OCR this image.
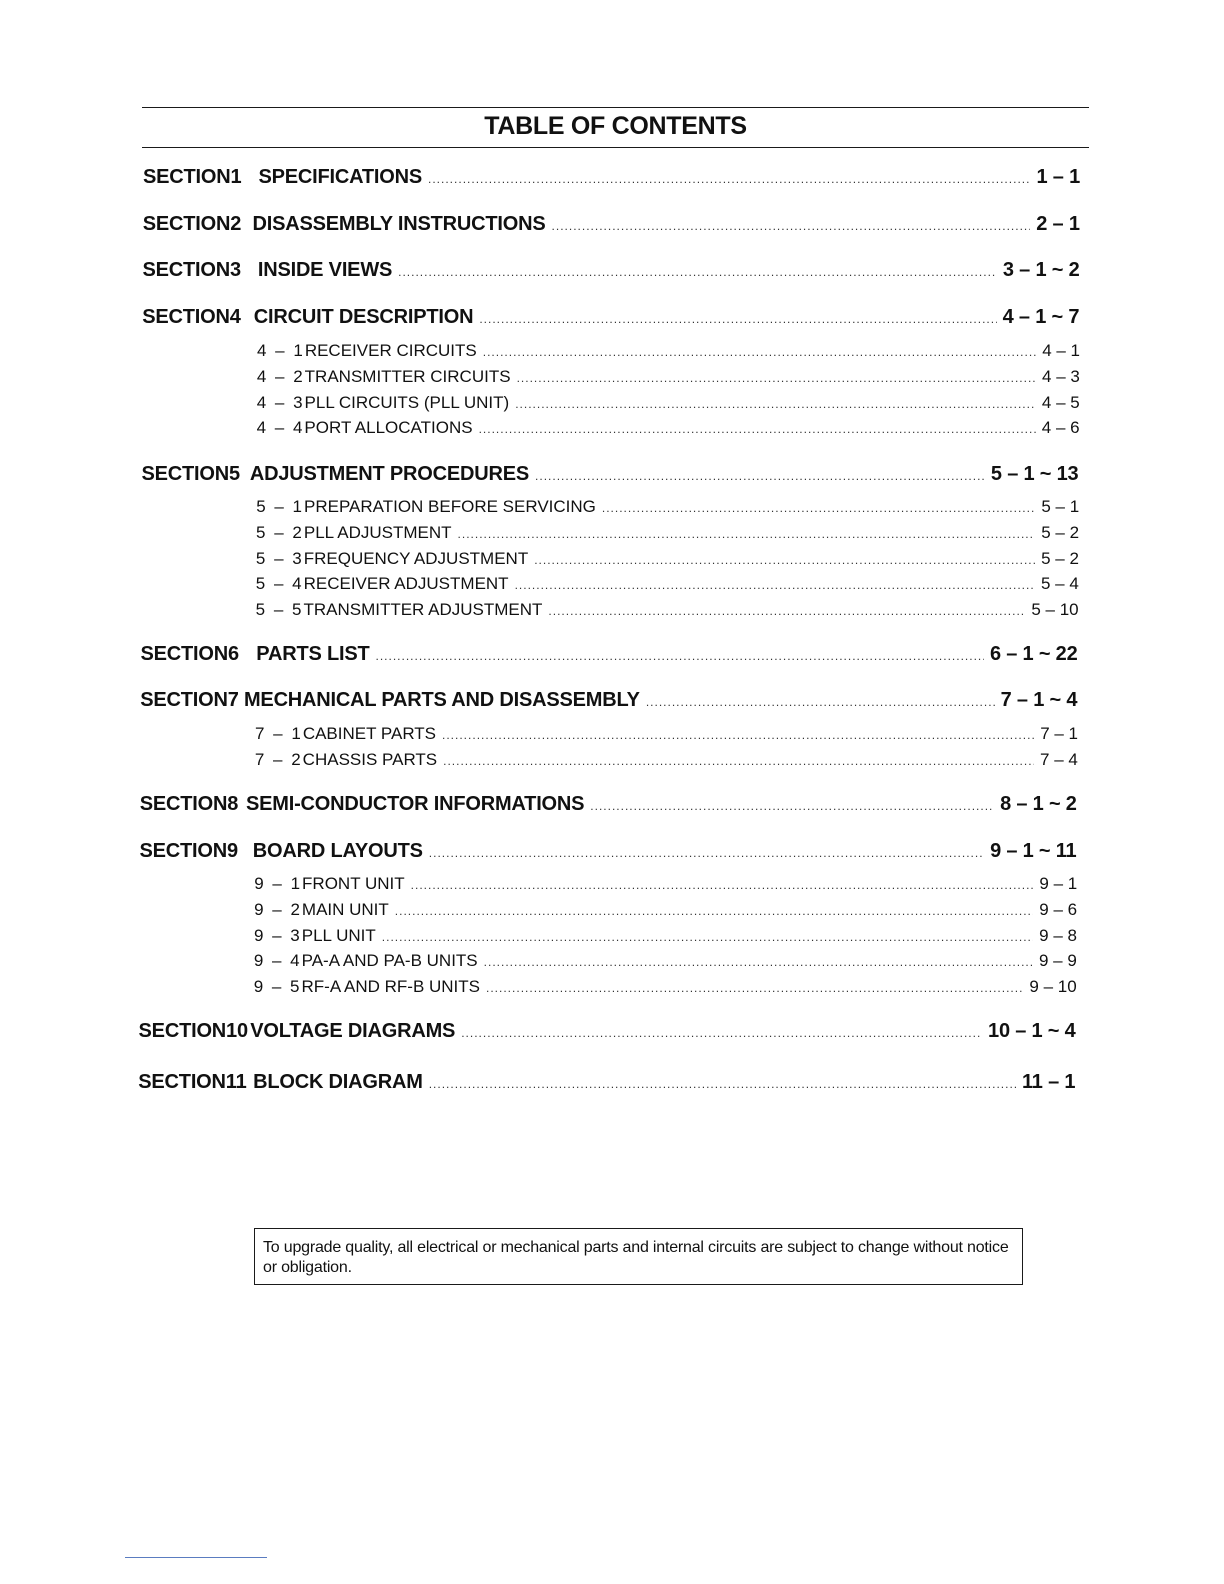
TABLE OF CONTENTS
SECTION 1 SPECIFICATIONS .....	1 – 1
SECTION 2 DISASSEMBLY INSTRUCTIONS .....	2 – 1
SECTION 3 INSIDE VIEWS .....	3 – 1 ~ 2
SECTION 4 CIRCUIT DESCRIPTION .....	4 – 1 ~ 7
4 – 1 RECEIVER CIRCUITS .....	4 – 1
4 – 2 TRANSMITTER CIRCUITS .....	4 – 3
4 – 3 PLL CIRCUITS (PLL UNIT) .....	4 – 5
4 – 4 PORT ALLOCATIONS .....	4 – 6
SECTION 5 ADJUSTMENT PROCEDURES .....	5 – 1 ~ 13
5 – 1 PREPARATION BEFORE SERVICING .....	5 – 1
5 – 2 PLL ADJUSTMENT .....	5 – 2
5 – 3 FREQUENCY ADJUSTMENT .....	5 – 2
5 – 4 RECEIVER ADJUSTMENT .....	5 – 4
5 – 5 TRANSMITTER ADJUSTMENT .....	5 – 10
SECTION 6 PARTS LIST .....	6 – 1 ~ 22
SECTION 7 MECHANICAL PARTS AND DISASSEMBLY .....	7 – 1 ~ 4
7 – 1 CABINET PARTS .....	7 – 1
7 – 2 CHASSIS PARTS .....	7 – 4
SECTION 8 SEMI-CONDUCTOR INFORMATIONS .....	8 – 1 ~ 2
SECTION 9 BOARD LAYOUTS .....	9 – 1 ~ 11
9 – 1 FRONT UNIT .....	9 – 1
9 – 2 MAIN UNIT .....	9 – 6
9 – 3 PLL UNIT .....	9 – 8
9 – 4 PA-A AND PA-B UNITS .....	9 – 9
9 – 5 RF-A AND RF-B UNITS .....	9 – 10
SECTION 10 VOLTAGE DIAGRAMS .....	10 – 1 ~ 4
SECTION 11 BLOCK DIAGRAM .....	11 – 1
To upgrade quality, all electrical or mechanical parts and internal circuits are subject to change without notice or obligation.
